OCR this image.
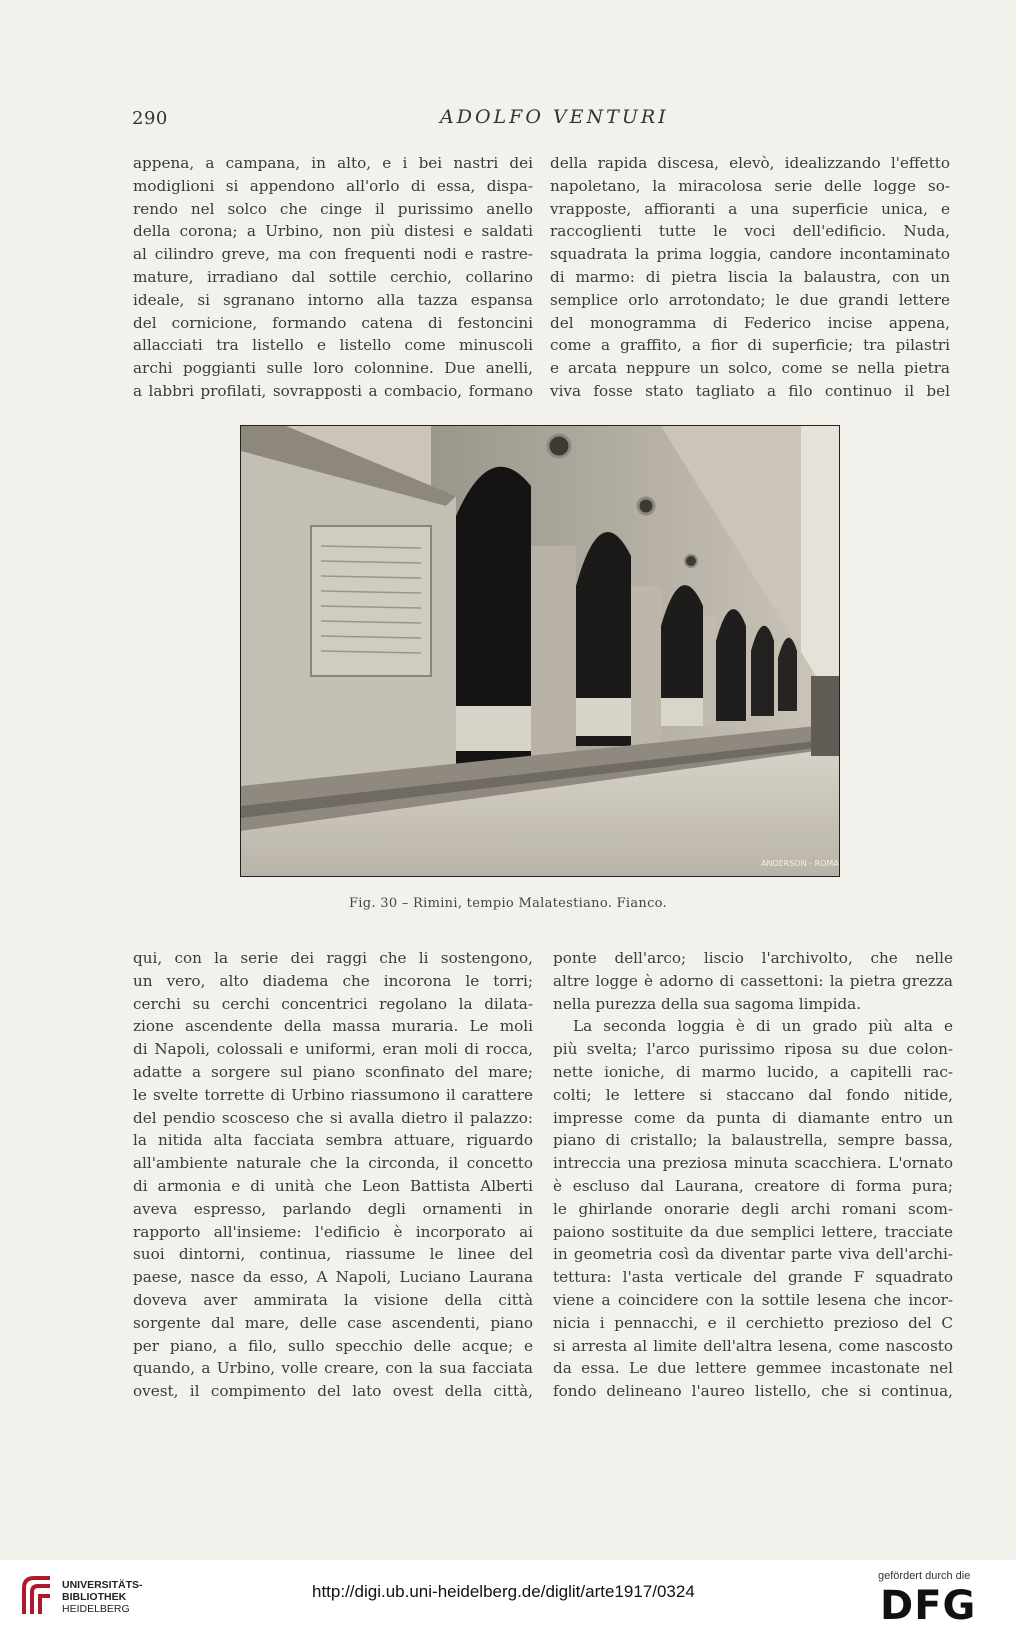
290	ADOLFO VENTURI

appena, a campana, in alto, e i bei nastri dei

modiglioni si appendono all'orlo di essa, dispa-

rendo nel solco che cinge il purissimo anello

della corona; a Urbino, non più distesi e saldati

al cilindro greve, ma con frequenti nodi e rastre-

mature, irradiano dal sottile cerchio, collarino

ideale, si sgranano intorno alla tazza espansa

del cornicione, formando catena di festoncini

allacciati tra listello e listello come minuscoli

archi poggianti sulle loro colonnine. Due anelli,

a labbri profilati, sovrapposti a combacio, formano

della rapida discesa, elevò, idealizzando l'effetto

napoletano, la miracolosa serie delle logge so-

vrapposte, affioranti a una superficie unica, e

raccoglienti tutte le voci dell'edificio. Nuda,

squadrata la prima loggia, candore incontaminato

di marmo: di pietra liscia la balaustra, con un

semplice orlo arrotondato; le due grandi lettere

del monogramma di Federico incise appena,

come a graffito, a fior di superficie; tra pilastri

e arcata neppure un solco, come se nella pietra

viva fosse stato tagliato a filo continuo il bel

ANDERSON - ROMA
Fig. 30 – Rimini, tempio Malatestiano. Fianco.

qui, con la serie dei raggi che li sostengono,

un vero, alto diadema che incorona le torri;

cerchi su cerchi concentrici regolano la dilata-

zione ascendente della massa muraria. Le moli

di Napoli, colossali e uniformi, eran moli di rocca,

adatte a sorgere sul piano sconfinato del mare;

le svelte torrette di Urbino riassumono il carattere

del pendio scosceso che si avalla dietro il palazzo:

la nitida alta facciata sembra attuare, riguardo

all'ambiente naturale che la circonda, il concetto

di armonia e di unità che Leon Battista Alberti

aveva espresso, parlando degli ornamenti in

rapporto all'insieme: l'edificio è incorporato ai

suoi dintorni, continua, riassume le linee del

paese, nasce da esso, A Napoli, Luciano Laurana

doveva aver ammirata la visione della città

sorgente dal mare, delle case ascendenti, piano

per piano, a filo, sullo specchio delle acque; e

quando, a Urbino, volle creare, con la sua facciata

ovest, il compimento del lato ovest della città,

ponte dell'arco; liscio l'archivolto, che nelle

altre logge è adorno di cassettoni: la pietra grezza

nella purezza della sua sagoma limpida.

La seconda loggia è di un grado più alta e

più svelta; l'arco purissimo riposa su due colon-

nette ioniche, di marmo lucido, a capitelli rac-

colti; le lettere si staccano dal fondo nitide,

impresse come da punta di diamante entro un

piano di cristallo; la balaustrella, sempre bassa,

intreccia una preziosa minuta scacchiera. L'ornato

è escluso dal Laurana, creatore di forma pura;

le ghirlande onorarie degli archi romani scom-

paiono sostituite da due semplici lettere, tracciate

in geometria così da diventar parte viva dell'archi-

tettura: l'asta verticale del grande F squadrato

viene a coincidere con la sottile lesena che incor-

nicia i pennacchi, e il cerchietto prezioso del C

si arresta al limite dell'altra lesena, come nascosto

da essa. Le due lettere gemmee incastonate nel

fondo delineano l'aureo listello, che si continua,

UNIVERSITÄTS-
BIBLIOTHEK
HEIDELBERG
http://digi.ub.uni-heidelberg.de/diglit/arte1917/0324
gefördert durch die
DFG
